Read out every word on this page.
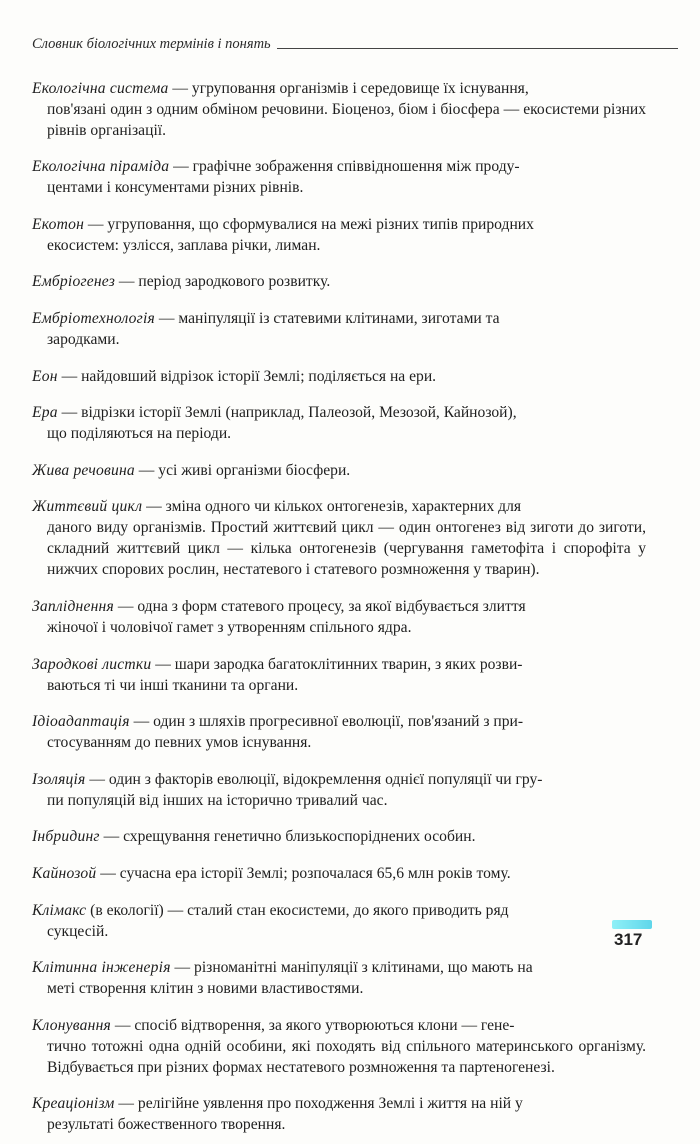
Словник біологічних термінів і понять

Екологічна система — угруповання організмів і середовище їх існування,
пов'язані один з одним обміном речовини. Біоценоз, біом і біосфера — екосистеми різних рівнів організації.

Екологічна піраміда — графічне зображення співвідношення між проду-
центами і консументами різних рівнів.

Екотон — угруповання, що сформувалися на межі різних типів природних
екосистем: узлісся, заплава річки, лиман.

Ембріогенез — період зародкового розвитку.

Ембріотехнологія — маніпуляції із статевими клітинами, зиготами та
зародками.

Еон — найдовший відрізок історії Землі; поділяється на ери.

Ера — відрізки історії Землі (наприклад, Палеозой, Мезозой, Кайнозой),
що поділяються на періоди.

Жива речовина — усі живі організми біосфери.

Життєвий цикл — зміна одного чи кількох онтогенезів, характерних для
даного виду організмів. Простий життєвий цикл — один онтогенез від зиготи до зиготи, складний життєвий цикл — кілька онтогенезів (чергування гаметофіта і спорофіта у нижчих спорових рослин, нестатевого і статевого розмноження у тварин).

Запліднення — одна з форм статевого процесу, за якої відбувається злиття
жіночої і чоловічої гамет з утворенням спільного ядра.

Зародкові листки — шари зародка багатоклітинних тварин, з яких розви-
ваються ті чи інші тканини та органи.

Ідіоадаптація — один з шляхів прогресивної еволюції, пов'язаний з при-
стосуванням до певних умов існування.

Ізоляція — один з факторів еволюції, відокремлення однієї популяції чи гру-
пи популяцій від інших на історично тривалий час.

Інбридинг — схрещування генетично близькоспоріднених особин.

Кайнозой — сучасна ера історії Землі; розпочалася 65,6 млн років тому.

Клімакс (в екології) — сталий стан екосистеми, до якого приводить ряд
сукцесій.

Клітинна інженерія — різноманітні маніпуляції з клітинами, що мають на
меті створення клітин з новими властивостями.

Клонування — спосіб відтворення, за якого утворюються клони — гене-
тично тотожні одна одній особини, які походять від спільного материнського організму. Відбувається при різних формах нестатевого розмноження та партеногенезі.

Креаціонізм — релігійне уявлення про походження Землі і життя на ній у
результаті божественного творення.

317
